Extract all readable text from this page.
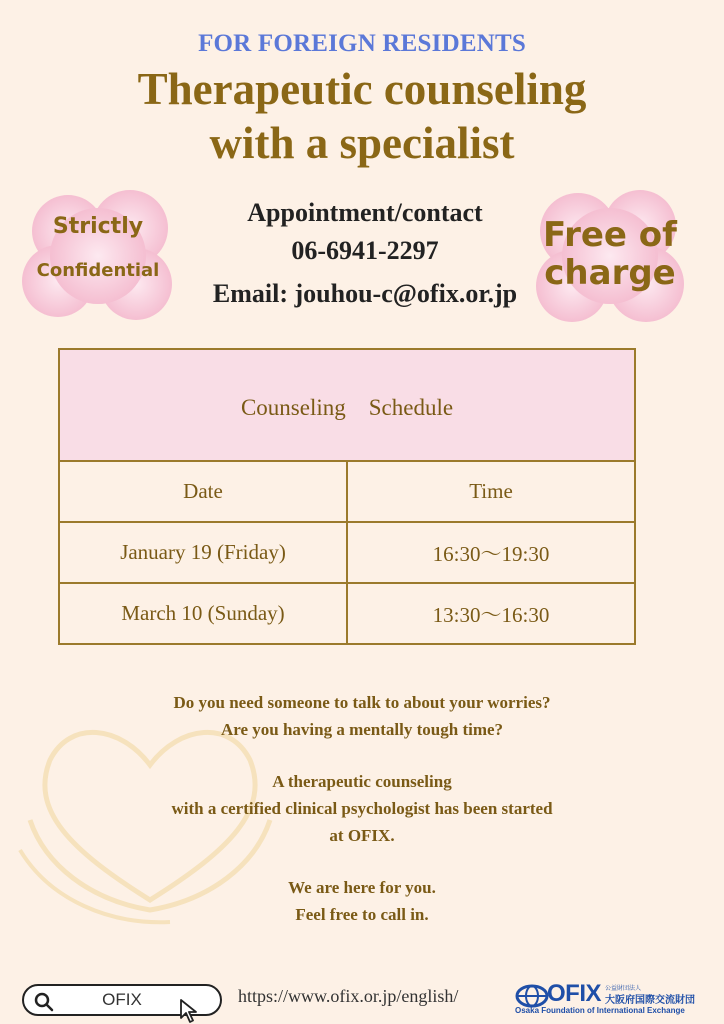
FOR FOREIGN RESIDENTS
Therapeutic counseling
with a specialist
Strictly
Confidential
Free of
charge
Appointment/contact
06-6941-2297
Email: jouhou-c@ofix.or.jp
Counseling　Schedule	
Date	Time
January 19 (Friday)	16:30〜19:30
March 10 (Sunday)	13:30〜16:30
Do you need someone to talk to about your worries?
Are you having a mentally tough time?
A therapeutic counseling
with a certified clinical psychologist has been started
at OFIX.
We are here for you.
Feel free to call in.
OFIX	https://www.ofix.or.jp/english/	OFIX 公益財団法人
大阪府国際交流財団
Osaka Foundation of International Exchange
